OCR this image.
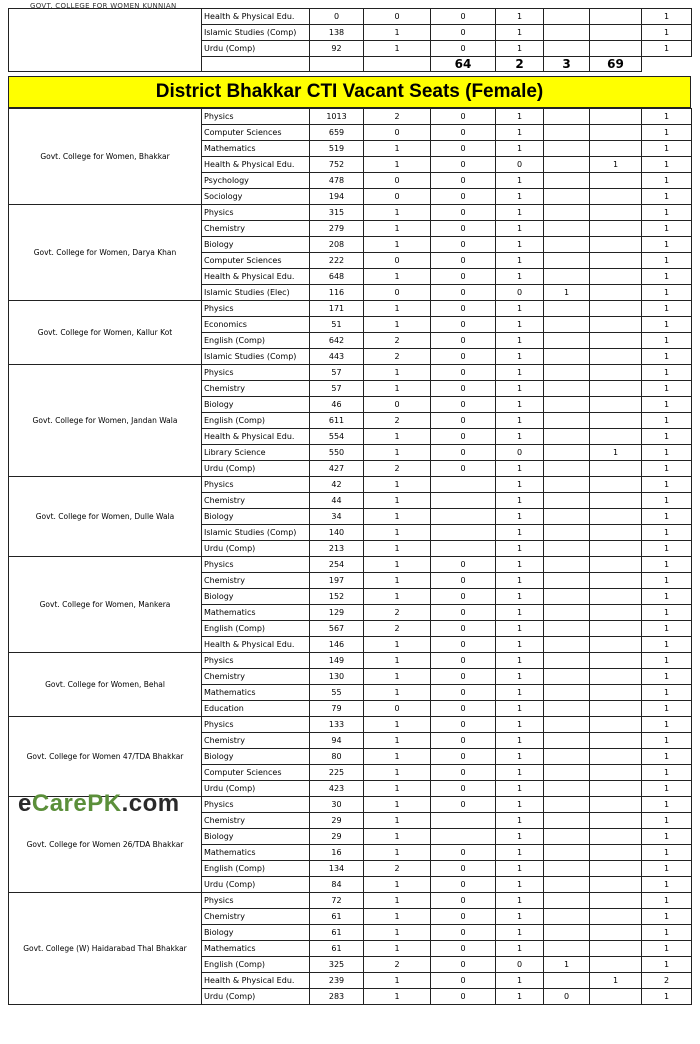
GOVT. COLLEGE FOR WOMEN KUNNIAN
	Health & Physical Edu.	0	0	0	1			1
	Islamic Studies (Comp)	138	1	0	1			1
	Urdu (Comp)	92	1	0	1			1
				64	2	3	69	
District Bhakkar CTI Vacant Seats (Female)
Govt. College for Women, Bhakkar	Physics	1013	2	0	1			1
	Computer Sciences	659	0	0	1			1
	Mathematics	519	1	0	1			1
	Health & Physical Edu.	752	1	0	0		1	1
	Psychology	478	0	0	1			1
	Sociology	194	0	0	1			1
Govt. College for Women, Darya Khan	Physics	315	1	0	1			1
	Chemistry	279	1	0	1			1
	Biology	208	1	0	1			1
	Computer Sciences	222	0	0	1			1
	Health & Physical Edu.	648	1	0	1			1
	Islamic Studies (Elec)	116	0	0	0	1		1
Govt. College for Women, Kallur Kot	Physics	171	1	0	1			1
	Economics	51	1	0	1			1
	English (Comp)	642	2	0	1			1
	Islamic Studies (Comp)	443	2	0	1			1
Govt. College for Women, Jandan Wala	Physics	57	1	0	1			1
	Chemistry	57	1	0	1			1
	Biology	46	0	0	1			1
	English (Comp)	611	2	0	1			1
	Health & Physical Edu.	554	1	0	1			1
	Library Science	550	1	0	0		1	1
	Urdu (Comp)	427	2	0	1			1
Govt. College for Women, Dulle Wala	Physics	42	1		1			1
	Chemistry	44	1		1			1
	Biology	34	1		1			1
	Islamic Studies (Comp)	140	1		1			1
	Urdu (Comp)	213	1		1			1
Govt. College for Women, Mankera	Physics	254	1	0	1			1
	Chemistry	197	1	0	1			1
	Biology	152	1	0	1			1
	Mathematics	129	2	0	1			1
	English (Comp)	567	2	0	1			1
	Health & Physical Edu.	146	1	0	1			1
Govt. College for Women, Behal	Physics	149	1	0	1			1
	Chemistry	130	1	0	1			1
	Mathematics	55	1	0	1			1
	Education	79	0	0	1			1
Govt. College for Women 47/TDA Bhakkar	Physics	133	1	0	1			1
	Chemistry	94	1	0	1			1
	Biology	80	1	0	1			1
	Computer Sciences	225	1	0	1			1
	Urdu (Comp)	423	1	0	1			1
Govt. College for Women 26/TDA Bhakkar	Physics	30	1	0	1			1
	Chemistry	29	1		1			1
	Biology	29	1		1			1
	Mathematics	16	1	0	1			1
	English (Comp)	134	2	0	1			1
	Urdu (Comp)	84	1	0	1			1
Govt. College (W) Haidarabad Thal Bhakkar	Physics	72	1	0	1			1
	Chemistry	61	1	0	1			1
	Biology	61	1	0	1			1
	Mathematics	61	1	0	1			1
	English (Comp)	325	2	0	0	1		1
	Health & Physical Edu.	239	1	0	1		1	2
	Urdu (Comp)	283	1	0	1	0		1
eCarePK.com
